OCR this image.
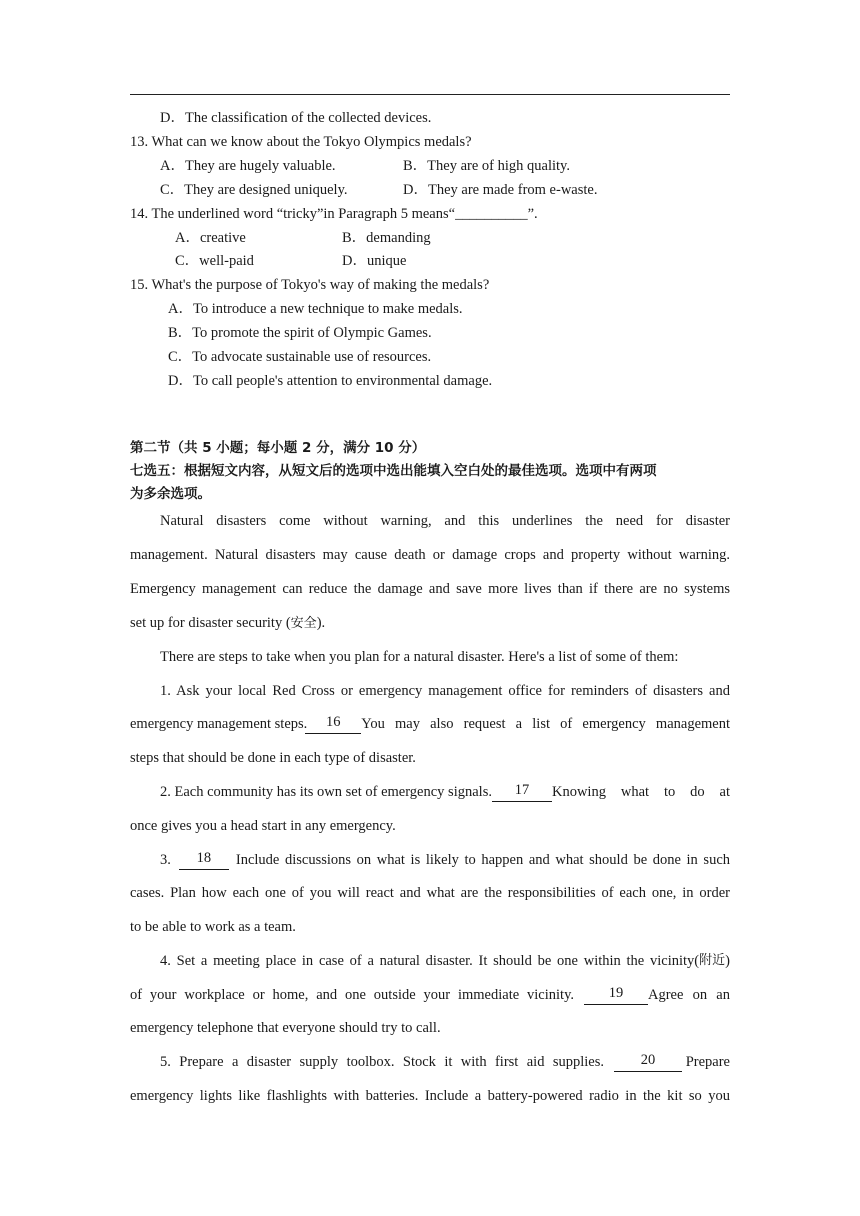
D．The classification of the collected devices.
13. What can we know about the Tokyo Olympics medals?
A．They are hugely valuable.	B．They are of high quality.
C．They are designed uniquely.	D．They are made from e-waste.
14. The underlined word “tricky”in Paragraph 5 means“__________”.
A．creative	B．demanding
C．well-paid	D．unique
15. What's the purpose of Tokyo's way of making the medals?
A．To introduce a new technique to make medals.
B．To promote the spirit of Olympic Games.
C．To advocate sustainable use of resources.
D．To call people's attention to environmental damage.
第二节（共 5 小题；每小题 2 分，满分 10 分）
七选五：根据短文内容，从短文后的选项中选出能填入空白处的最佳选项。选项中有两项
为多余选项。
Natural disasters come without warning, and this underlines the need for disaster
management. Natural disasters may cause death or damage crops and property without warning.
Emergency management can reduce the damage and save more lives than if there are no systems
set up for disaster security (安全).
There are steps to take when you plan for a natural disaster. Here's a list of some of them:
1. Ask your local Red Cross or emergency management office for reminders of disasters and
emergency management steps.	16	You may also request a list of emergency management
steps that should be done in each type of disaster.
2. Each community has its own set of emergency signals.	17	Knowing what to do at
once gives you a head start in any emergency.
3.	18	Include discussions on what is likely to happen and what should be done in such
cases. Plan how each one of you will react and what are the responsibilities of each one, in order
to be able to work as a team.
4. Set a meeting place in case of a natural disaster. It should be one within the vicinity( 附近 )
of your workplace or home, and one outside your immediate vicinity.	19	Agree on an
emergency telephone that everyone should try to call.
5. Prepare a disaster supply toolbox. Stock it with first aid supplies.	20	Prepare
emergency lights like flashlights with batteries. Include a battery-powered radio in the kit so you
